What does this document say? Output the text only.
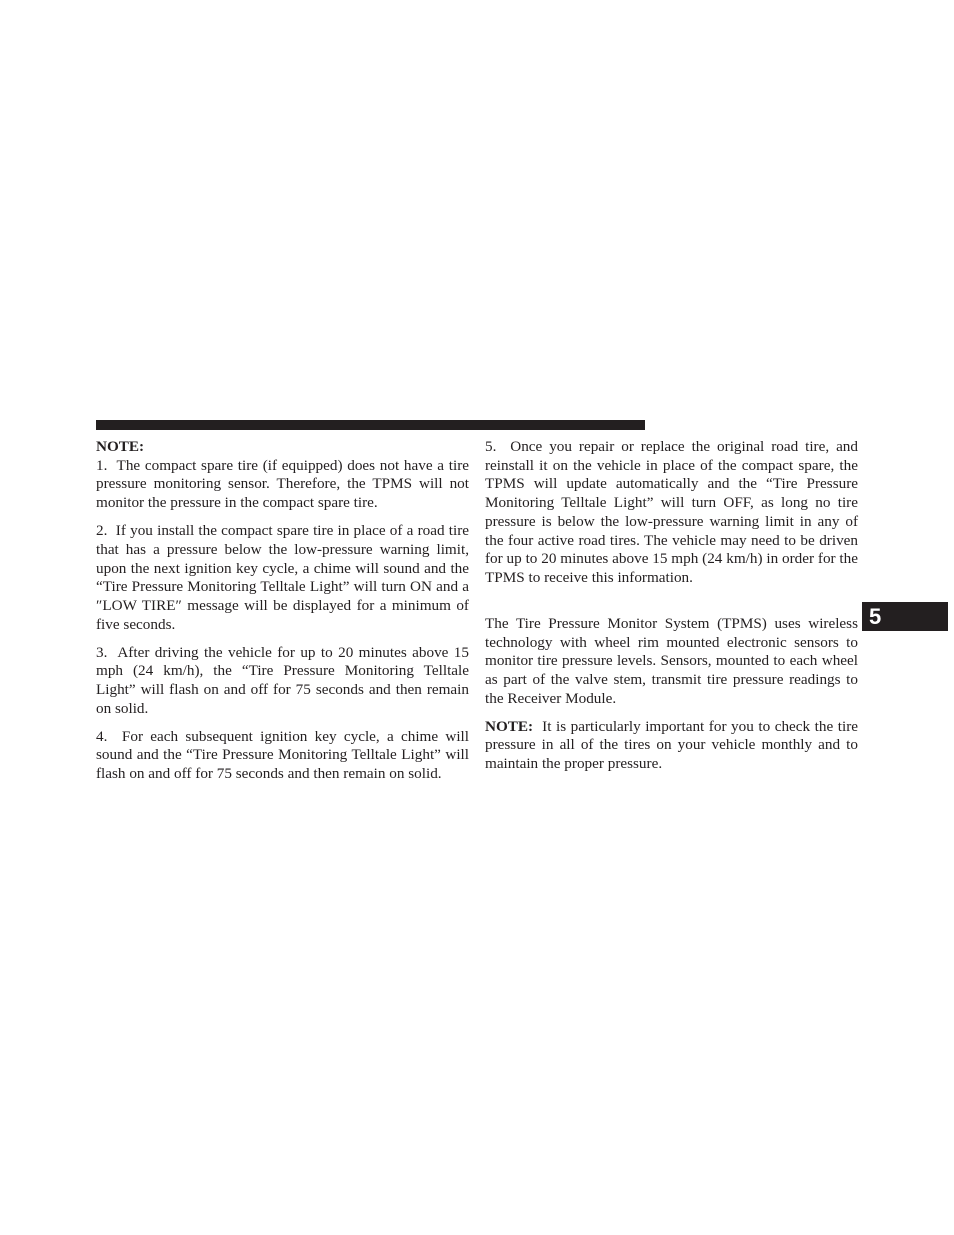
NOTE:

1.  The compact spare tire (if equipped) does not have a tire pressure monitoring sensor. Therefore, the TPMS will not monitor the pressure in the compact spare tire.

2.  If you install the compact spare tire in place of a road tire that has a pressure below the low-pressure warning limit, upon the next ignition key cycle, a chime will sound and the “Tire Pressure Monitoring Telltale Light” will turn ON and a ″LOW TIRE″ message will be displayed for a minimum of five seconds.

3.  After driving the vehicle for up to 20 minutes above 15 mph (24 km/h), the “Tire Pressure Monitoring Telltale Light” will flash on and off for 75 seconds and then remain on solid.

4.  For each subsequent ignition key cycle, a chime will sound and the “Tire Pressure Monitoring Telltale Light” will flash on and off for 75 seconds and then remain on solid.

5.  Once you repair or replace the original road tire, and reinstall it on the vehicle in place of the compact spare, the TPMS will update automatically and the “Tire Pressure Monitoring Telltale Light” will turn OFF, as long no tire pressure is below the low-pressure warning limit in any of the four active road tires. The vehicle may need to be driven for up to 20 minutes above 15 mph (24 km/h) in order for the TPMS to receive this information.

The Tire Pressure Monitor System (TPMS) uses wireless technology with wheel rim mounted electronic sensors to monitor tire pressure levels. Sensors, mounted to each wheel as part of the valve stem, transmit tire pressure readings to the Receiver Module.

NOTE:  It is particularly important for you to check the tire pressure in all of the tires on your vehicle monthly and to maintain the proper pressure.

5
